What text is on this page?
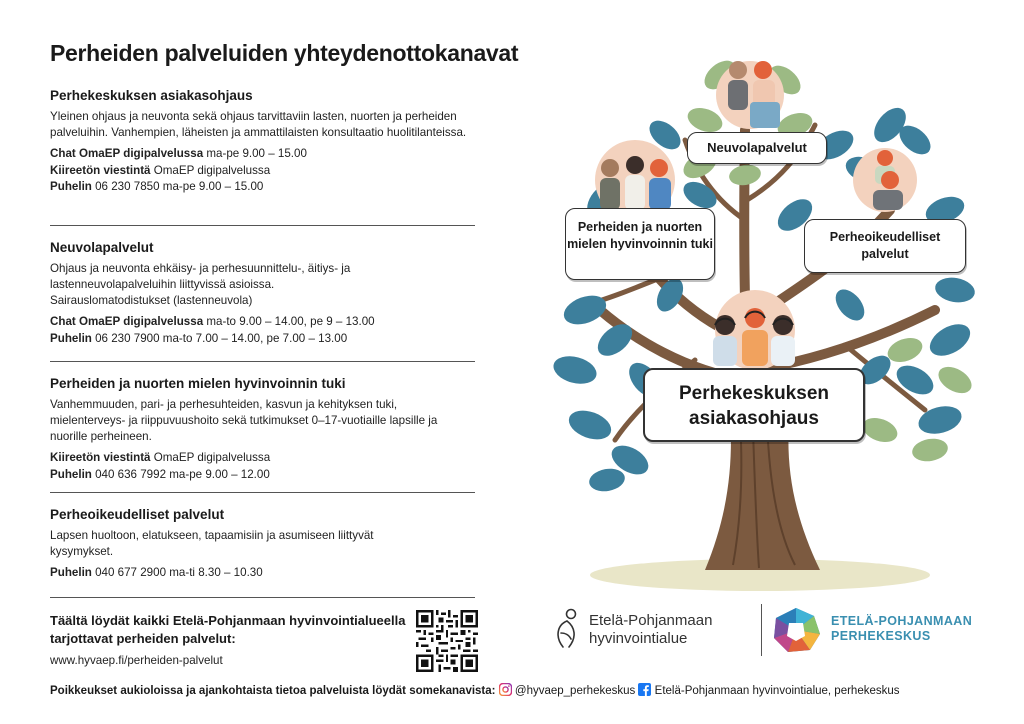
Perheiden palveluiden yhteydenottokanavat
Perhekeskuksen asiakasohjaus

Yleinen ohjaus ja neuvonta sekä ohjaus tarvittaviin lasten, nuorten ja perheiden palveluihin. Vanhempien, läheisten ja ammattilaisten konsultaatio huolitilanteissa.

Chat OmaEP digipalvelussa ma-pe 9.00 – 15.00
Kiireetön viestintä OmaEP digipalvelussa
Puhelin 06 230 7850 ma-pe 9.00 – 15.00
Neuvolapalvelut

Ohjaus ja neuvonta ehkäisy- ja perhesuunnittelu-, äitiys- ja lastenneuvolapalveluihin liittyvissä asioissa. Sairauslomatodistukset (lastenneuvola)

Chat OmaEP digipalvelussa ma-to 9.00 – 14.00, pe 9 – 13.00
Puhelin 06 230 7900 ma-to 7.00 – 14.00, pe 7.00 – 13.00
Perheiden ja nuorten mielen hyvinvoinnin tuki

Vanhemmuuden, pari- ja perhesuhteiden, kasvun ja kehityksen tuki, mielenterveys- ja riippuvuushoito sekä tutkimukset 0–17-vuotiaille lapsille ja nuorille perheineen.

Kiireetön viestintä OmaEP digipalvelussa
Puhelin 040 636 7992 ma-pe 9.00 – 12.00
Perheoikeudelliset palvelut

Lapsen huoltoon, elatukseen, tapaamisiin ja asumiseen liittyvät kysymykset.

Puhelin 040 677 2900 ma-ti 8.30 – 10.30
Täältä löydät kaikki Etelä-Pohjanmaan hyvinvointialueella tarjottavat perheiden palvelut:
www.hyvaep.fi/perheiden-palvelut
Poikkeukset aukioloissa ja ajankohtaista tietoa palveluista löydät somekanavista: @hyvaep_perhekeskus Etelä-Pohjanmaan hyvinvointialue, perhekeskus
Neuvolapalvelut
Perheiden ja nuorten mielen hyvinvoinnin tuki	Perheoikeudelliset palvelut
Perhekeskuksen asiakasohjaus
Etelä-Pohjanmaan
hyvinvointialue
ETELÄ-POHJANMAAN
PERHEKESKUS
